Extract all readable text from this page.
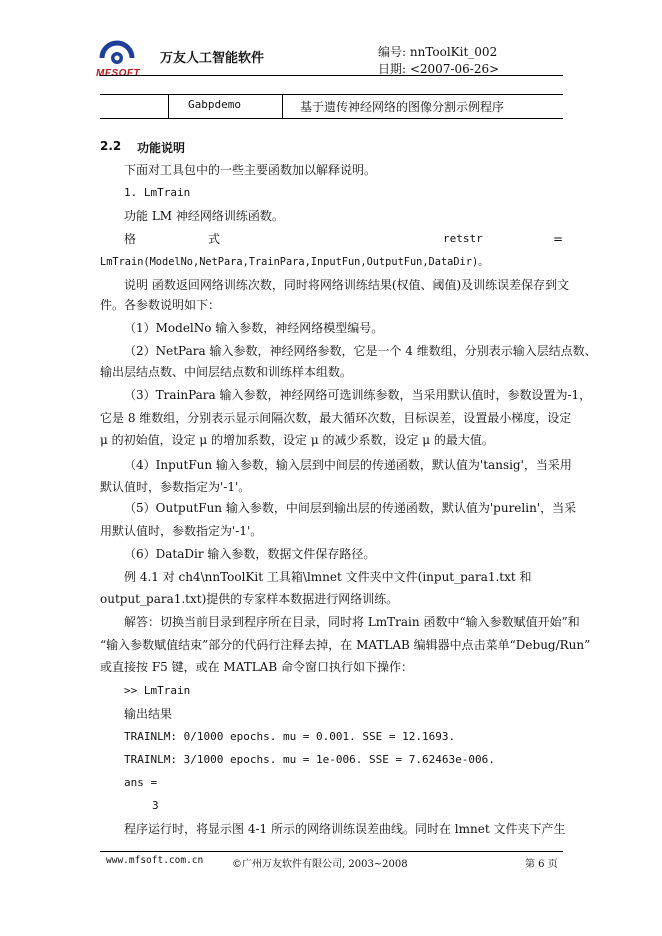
MFSOFT
万友人工智能软件	编号: nnToolKit_002
日期: <2007-06-26>
Gabpdemo	基于遗传神经网络的图像分割示例程序
2.2 功能说明
下面对工具包中的一些主要函数加以解释说明。
1. LmTrain
功能 LM 神经网络训练函数。
格	式	retstr	=
LmTrain(ModelNo,NetPara,TrainPara,InputFun,OutputFun,DataDir)。
说明 函数返回网络训练次数，同时将网络训练结果(权值、阈值)及训练误差保存到文
件。各参数说明如下：
（1）ModelNo 输入参数，神经网络模型编号。
（2）NetPara 输入参数，神经网络参数，它是一个 4 维数组，分别表示输入层结点数、
输出层结点数、中间层结点数和训练样本组数。
（3）TrainPara 输入参数，神经网络可选训练参数，当采用默认值时，参数设置为-1，
它是 8 维数组，分别表示显示间隔次数，最大循环次数，目标误差，设置最小梯度，设定
μ 的初始值，设定 μ 的增加系数，设定 μ 的减少系数，设定 μ 的最大值。
（4）InputFun 输入参数，输入层到中间层的传递函数，默认值为'tansig'，当采用
默认值时，参数指定为'-1'。
（5）OutputFun 输入参数，中间层到输出层的传递函数，默认值为'purelin'，当采
用默认值时，参数指定为'-1'。
（6）DataDir 输入参数，数据文件保存路径。
例 4.1 对 ch4\nnToolKit 工具箱\lmnet 文件夹中文件(input_para1.txt 和
output_para1.txt)提供的专家样本数据进行网络训练。
解答：切换当前目录到程序所在目录，同时将 LmTrain 函数中“输入参数赋值开始”和
“输入参数赋值结束”部分的代码行注释去掉，在 MATLAB 编辑器中点击菜单“Debug/Run”
或直接按 F5 键，或在 MATLAB 命令窗口执行如下操作：
>> LmTrain
输出结果
TRAINLM: 0/1000 epochs. mu = 0.001. SSE = 12.1693.
TRAINLM: 3/1000 epochs. mu = 1e-006. SSE = 7.62463e-006.
ans =
3
程序运行时，将显示图 4-1 所示的网络训练误差曲线。同时在 lmnet 文件夹下产生
www.mfsoft.com.cn	©广州万友软件有限公司, 2003~2008	第 6 页
